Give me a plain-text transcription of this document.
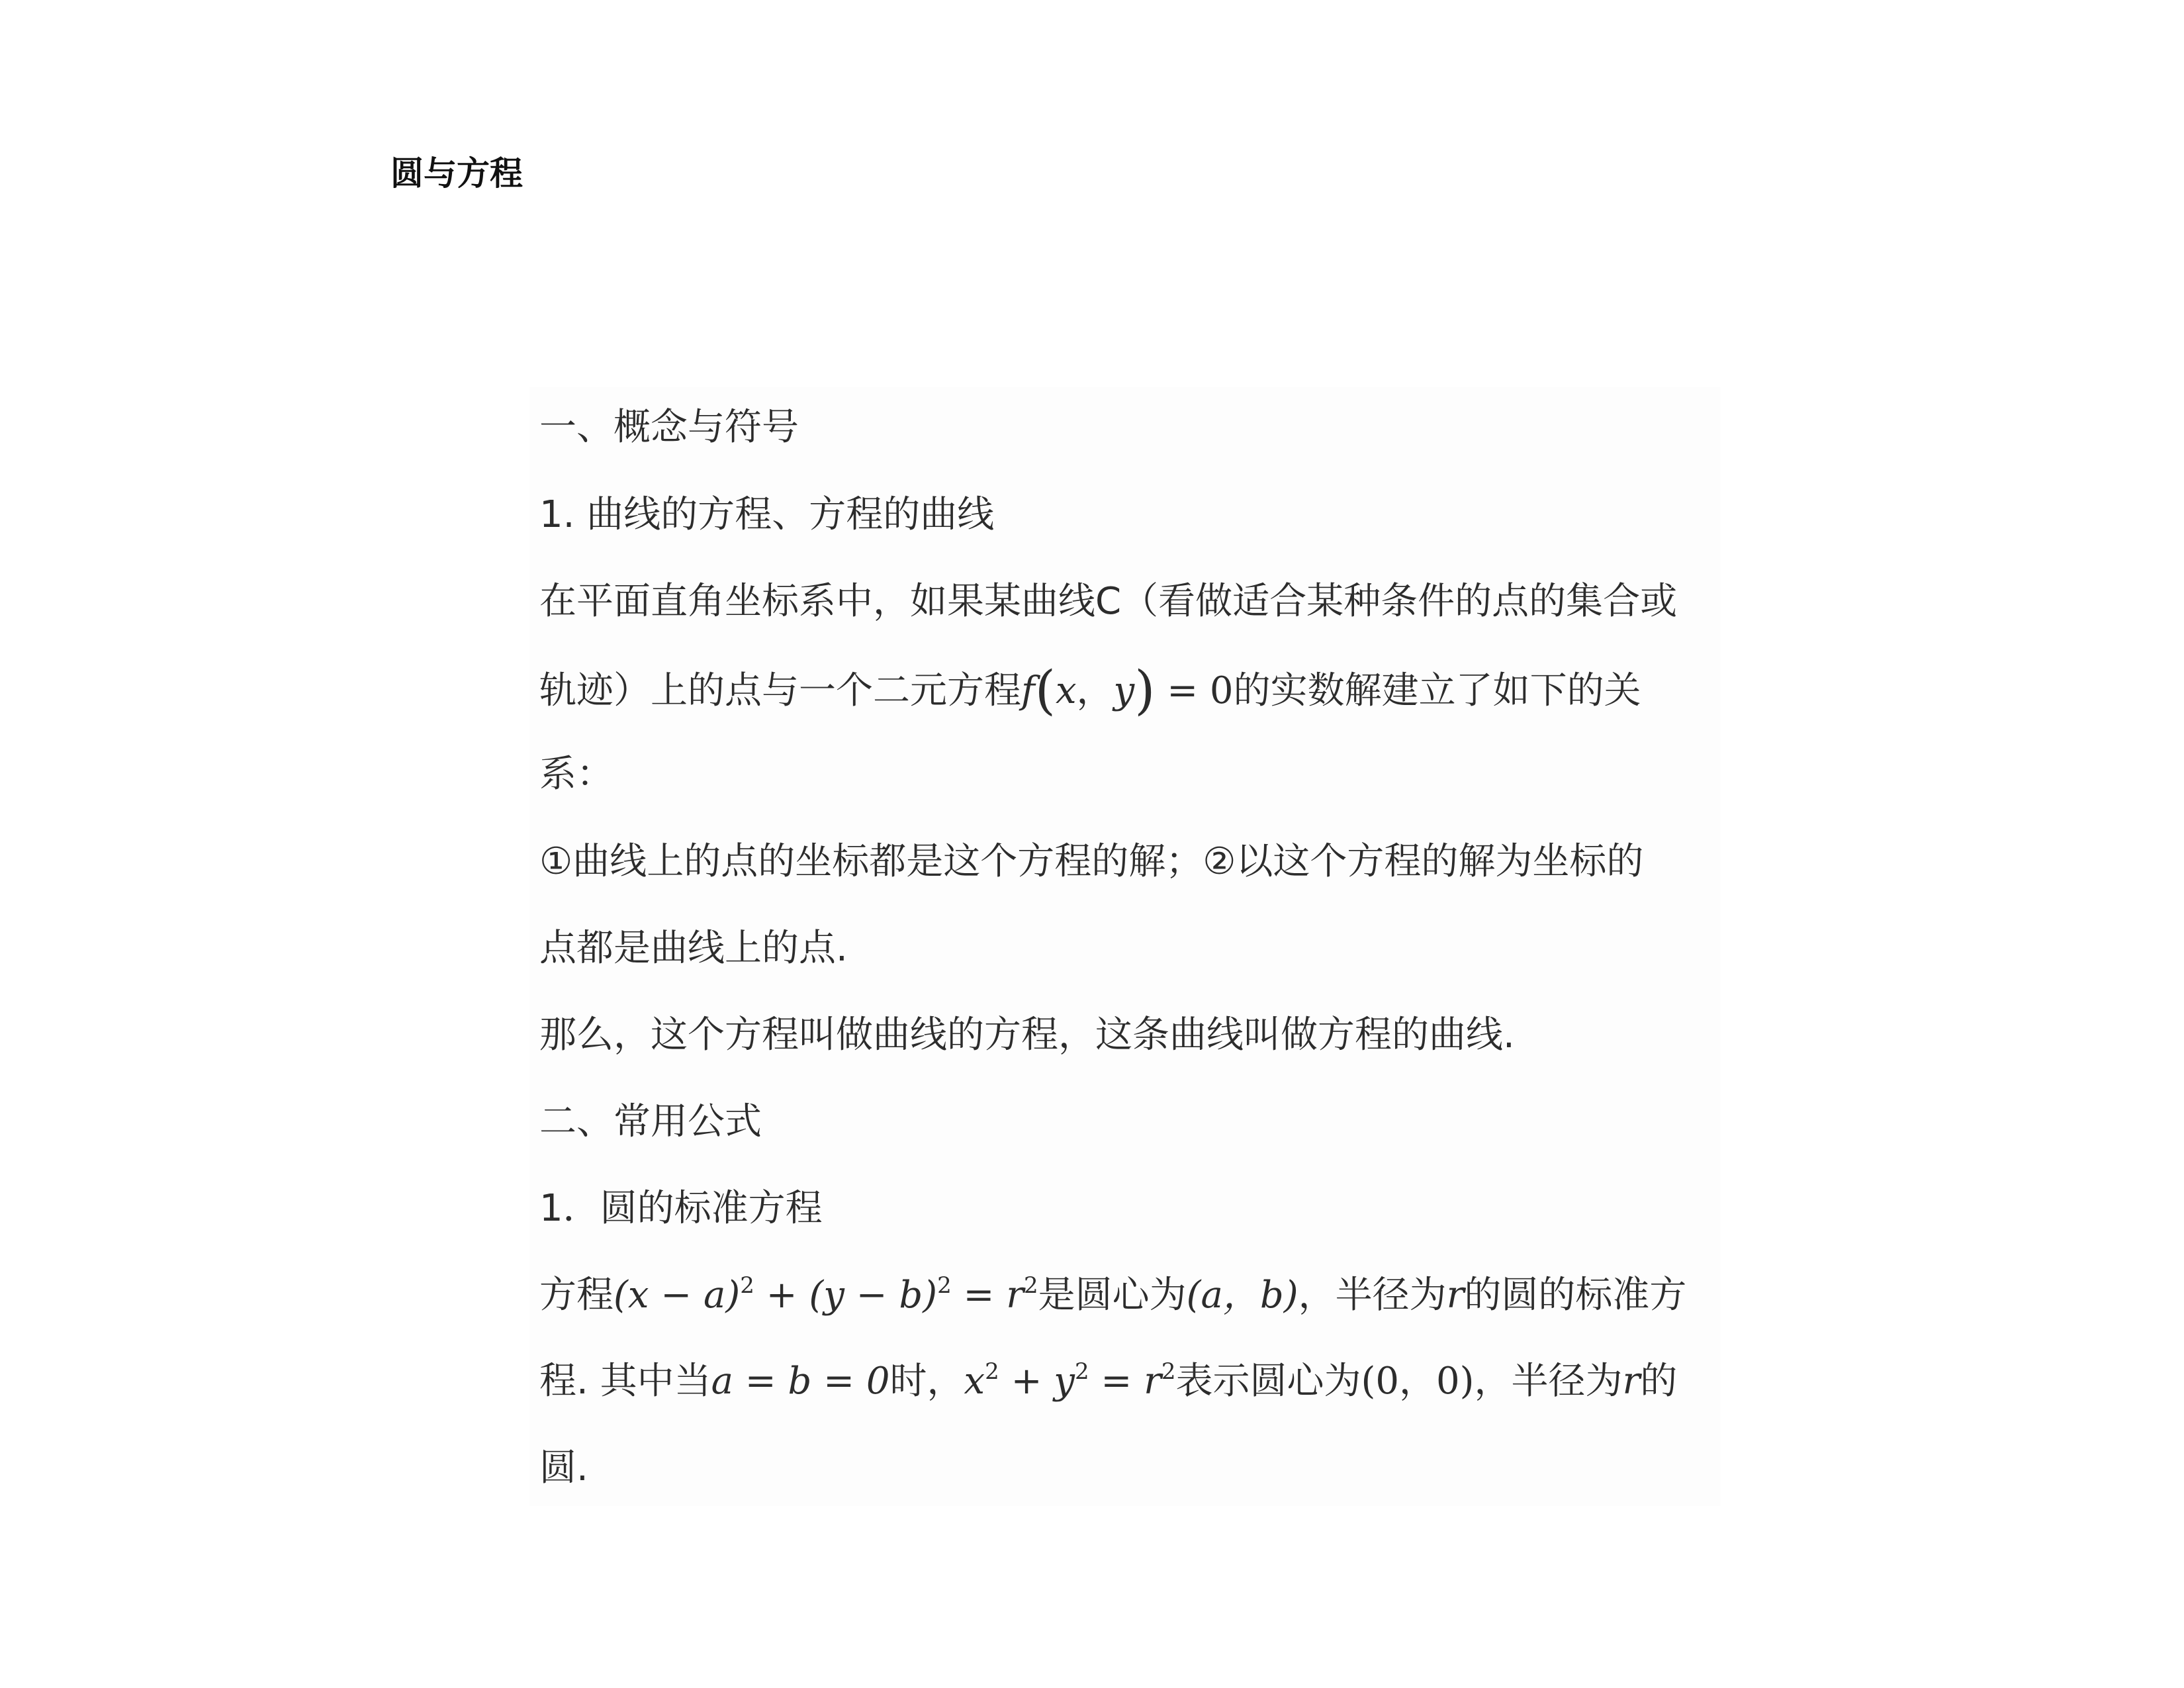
圆与方程
一、概念与符号
1. 曲线的方程、方程的曲线
在平面直角坐标系中，如果某曲线C（看做适合某种条件的点的集合或
轨迹）上的点与一个二元方程f(x，y) = 0的实数解建立了如下的关
系：
①曲线上的点的坐标都是这个方程的解；②以这个方程的解为坐标的
点都是曲线上的点.
那么，这个方程叫做曲线的方程，这条曲线叫做方程的曲线.
二、常用公式
1．圆的标准方程
方程$(x - a)^2 + (y - b)^2 = r^2$是圆心为(a，b)，半径为r的圆的标准方
程. 其中当a = b = 0时，$x^2 + y^2 = r^2$表示圆心为(0，0)，半径为r的
圆.
